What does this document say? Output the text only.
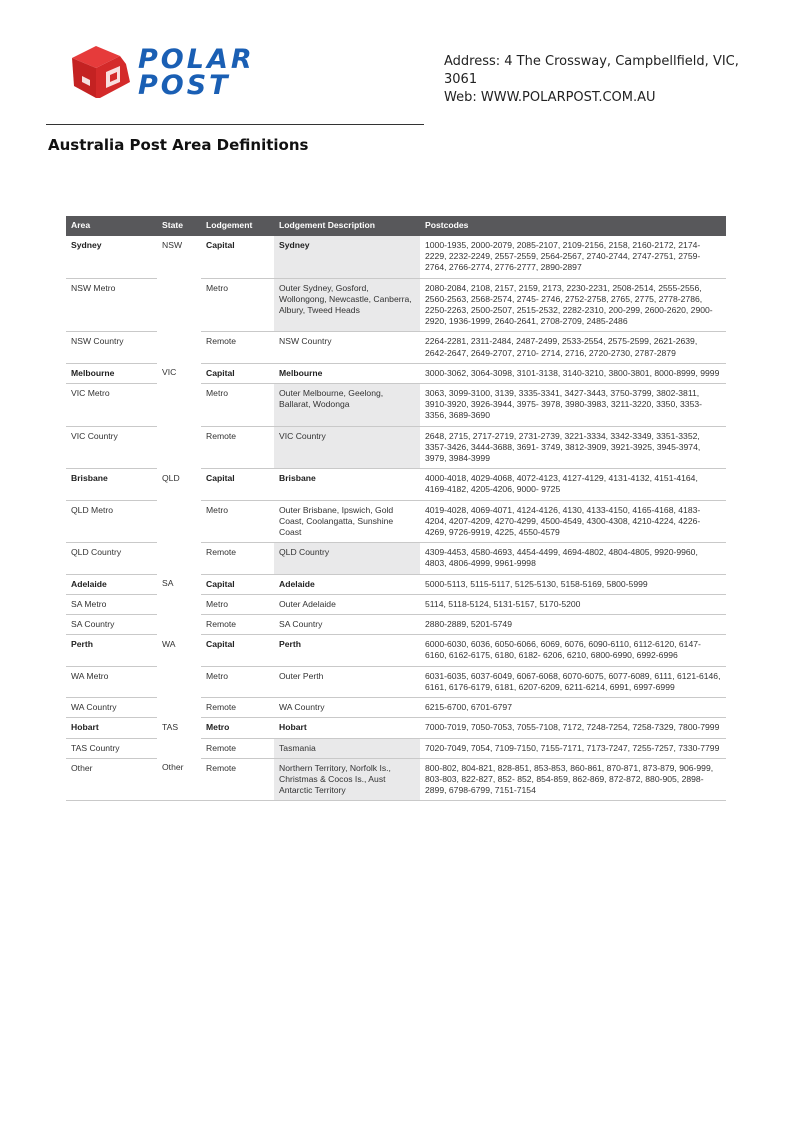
POLAR
POST
Address: 4 The Crossway, Campbellfield, VIC,
3061
Web: WWW.POLARPOST.COM.AU
Australia Post Area Definitions
Area	State	Lodgement	Lodgement Description	Postcodes
Sydney	NSW	Capital	Sydney	1000-1935, 2000-2079, 2085-2107, 2109-2156, 2158, 2160-2172, 2174-2229, 2232-2249, 2557-2559, 2564-2567, 2740-2744, 2747-2751, 2759-2764, 2766-2774, 2776-2777, 2890-2897
NSW Metro		Metro	Outer Sydney, Gosford, Wollongong, Newcastle, Canberra, Albury, Tweed Heads	2080-2084, 2108, 2157, 2159, 2173, 2230-2231, 2508-2514, 2555-2556, 2560-2563, 2568-2574, 2745- 2746, 2752-2758, 2765, 2775, 2778-2786, 2250-2263, 2500-2507, 2515-2532, 2282-2310, 200-299, 2600-2620, 2900-2920, 1936-1999, 2640-2641, 2708-2709, 2485-2486
NSW Country		Remote	NSW Country	2264-2281, 2311-2484, 2487-2499, 2533-2554, 2575-2599, 2621-2639, 2642-2647, 2649-2707, 2710- 2714, 2716, 2720-2730, 2787-2879
Melbourne	VIC	Capital	Melbourne	3000-3062, 3064-3098, 3101-3138, 3140-3210, 3800-3801, 8000-8999, 9999
VIC Metro		Metro	Outer Melbourne, Geelong, Ballarat, Wodonga	3063, 3099-3100, 3139, 3335-3341, 3427-3443, 3750-3799, 3802-3811, 3910-3920, 3926-3944, 3975- 3978, 3980-3983, 3211-3220, 3350, 3353-3356, 3689-3690
VIC Country		Remote	VIC Country	2648, 2715, 2717-2719, 2731-2739, 3221-3334, 3342-3349, 3351-3352, 3357-3426, 3444-3688, 3691- 3749, 3812-3909, 3921-3925, 3945-3974, 3979, 3984-3999
Brisbane	QLD	Capital	Brisbane	4000-4018, 4029-4068, 4072-4123, 4127-4129, 4131-4132, 4151-4164, 4169-4182, 4205-4206, 9000- 9725
QLD Metro		Metro	Outer Brisbane, Ipswich, Gold Coast, Coolangatta, Sunshine Coast	4019-4028, 4069-4071, 4124-4126, 4130, 4133-4150, 4165-4168, 4183-4204, 4207-4209, 4270-4299, 4500-4549, 4300-4308, 4210-4224, 4226-4269, 9726-9919, 4225, 4550-4579
QLD Country		Remote	QLD Country	4309-4453, 4580-4693, 4454-4499, 4694-4802, 4804-4805, 9920-9960, 4803, 4806-4999, 9961-9998
Adelaide	SA	Capital	Adelaide	5000-5113, 5115-5117, 5125-5130, 5158-5169, 5800-5999
SA Metro		Metro	Outer Adelaide	5114, 5118-5124, 5131-5157, 5170-5200
SA Country		Remote	SA Country	2880-2889, 5201-5749
Perth	WA	Capital	Perth	6000-6030, 6036, 6050-6066, 6069, 6076, 6090-6110, 6112-6120, 6147-6160, 6162-6175, 6180, 6182- 6206, 6210, 6800-6990, 6992-6996
WA Metro		Metro	Outer Perth	6031-6035, 6037-6049, 6067-6068, 6070-6075, 6077-6089, 6111, 6121-6146, 6161, 6176-6179, 6181, 6207-6209, 6211-6214, 6991, 6997-6999
WA Country		Remote	WA Country	6215-6700, 6701-6797
Hobart	TAS	Metro	Hobart	7000-7019, 7050-7053, 7055-7108, 7172, 7248-7254, 7258-7329, 7800-7999
TAS Country		Remote	Tasmania	7020-7049, 7054, 7109-7150, 7155-7171, 7173-7247, 7255-7257, 7330-7799
Other	Other	Remote	Northern Territory, Norfolk Is., Christmas & Cocos Is., Aust Antarctic Territory	800-802, 804-821, 828-851, 853-853, 860-861, 870-871, 873-879, 906-999, 803-803, 822-827, 852- 852, 854-859, 862-869, 872-872, 880-905, 2898-2899, 6798-6799, 7151-7154
